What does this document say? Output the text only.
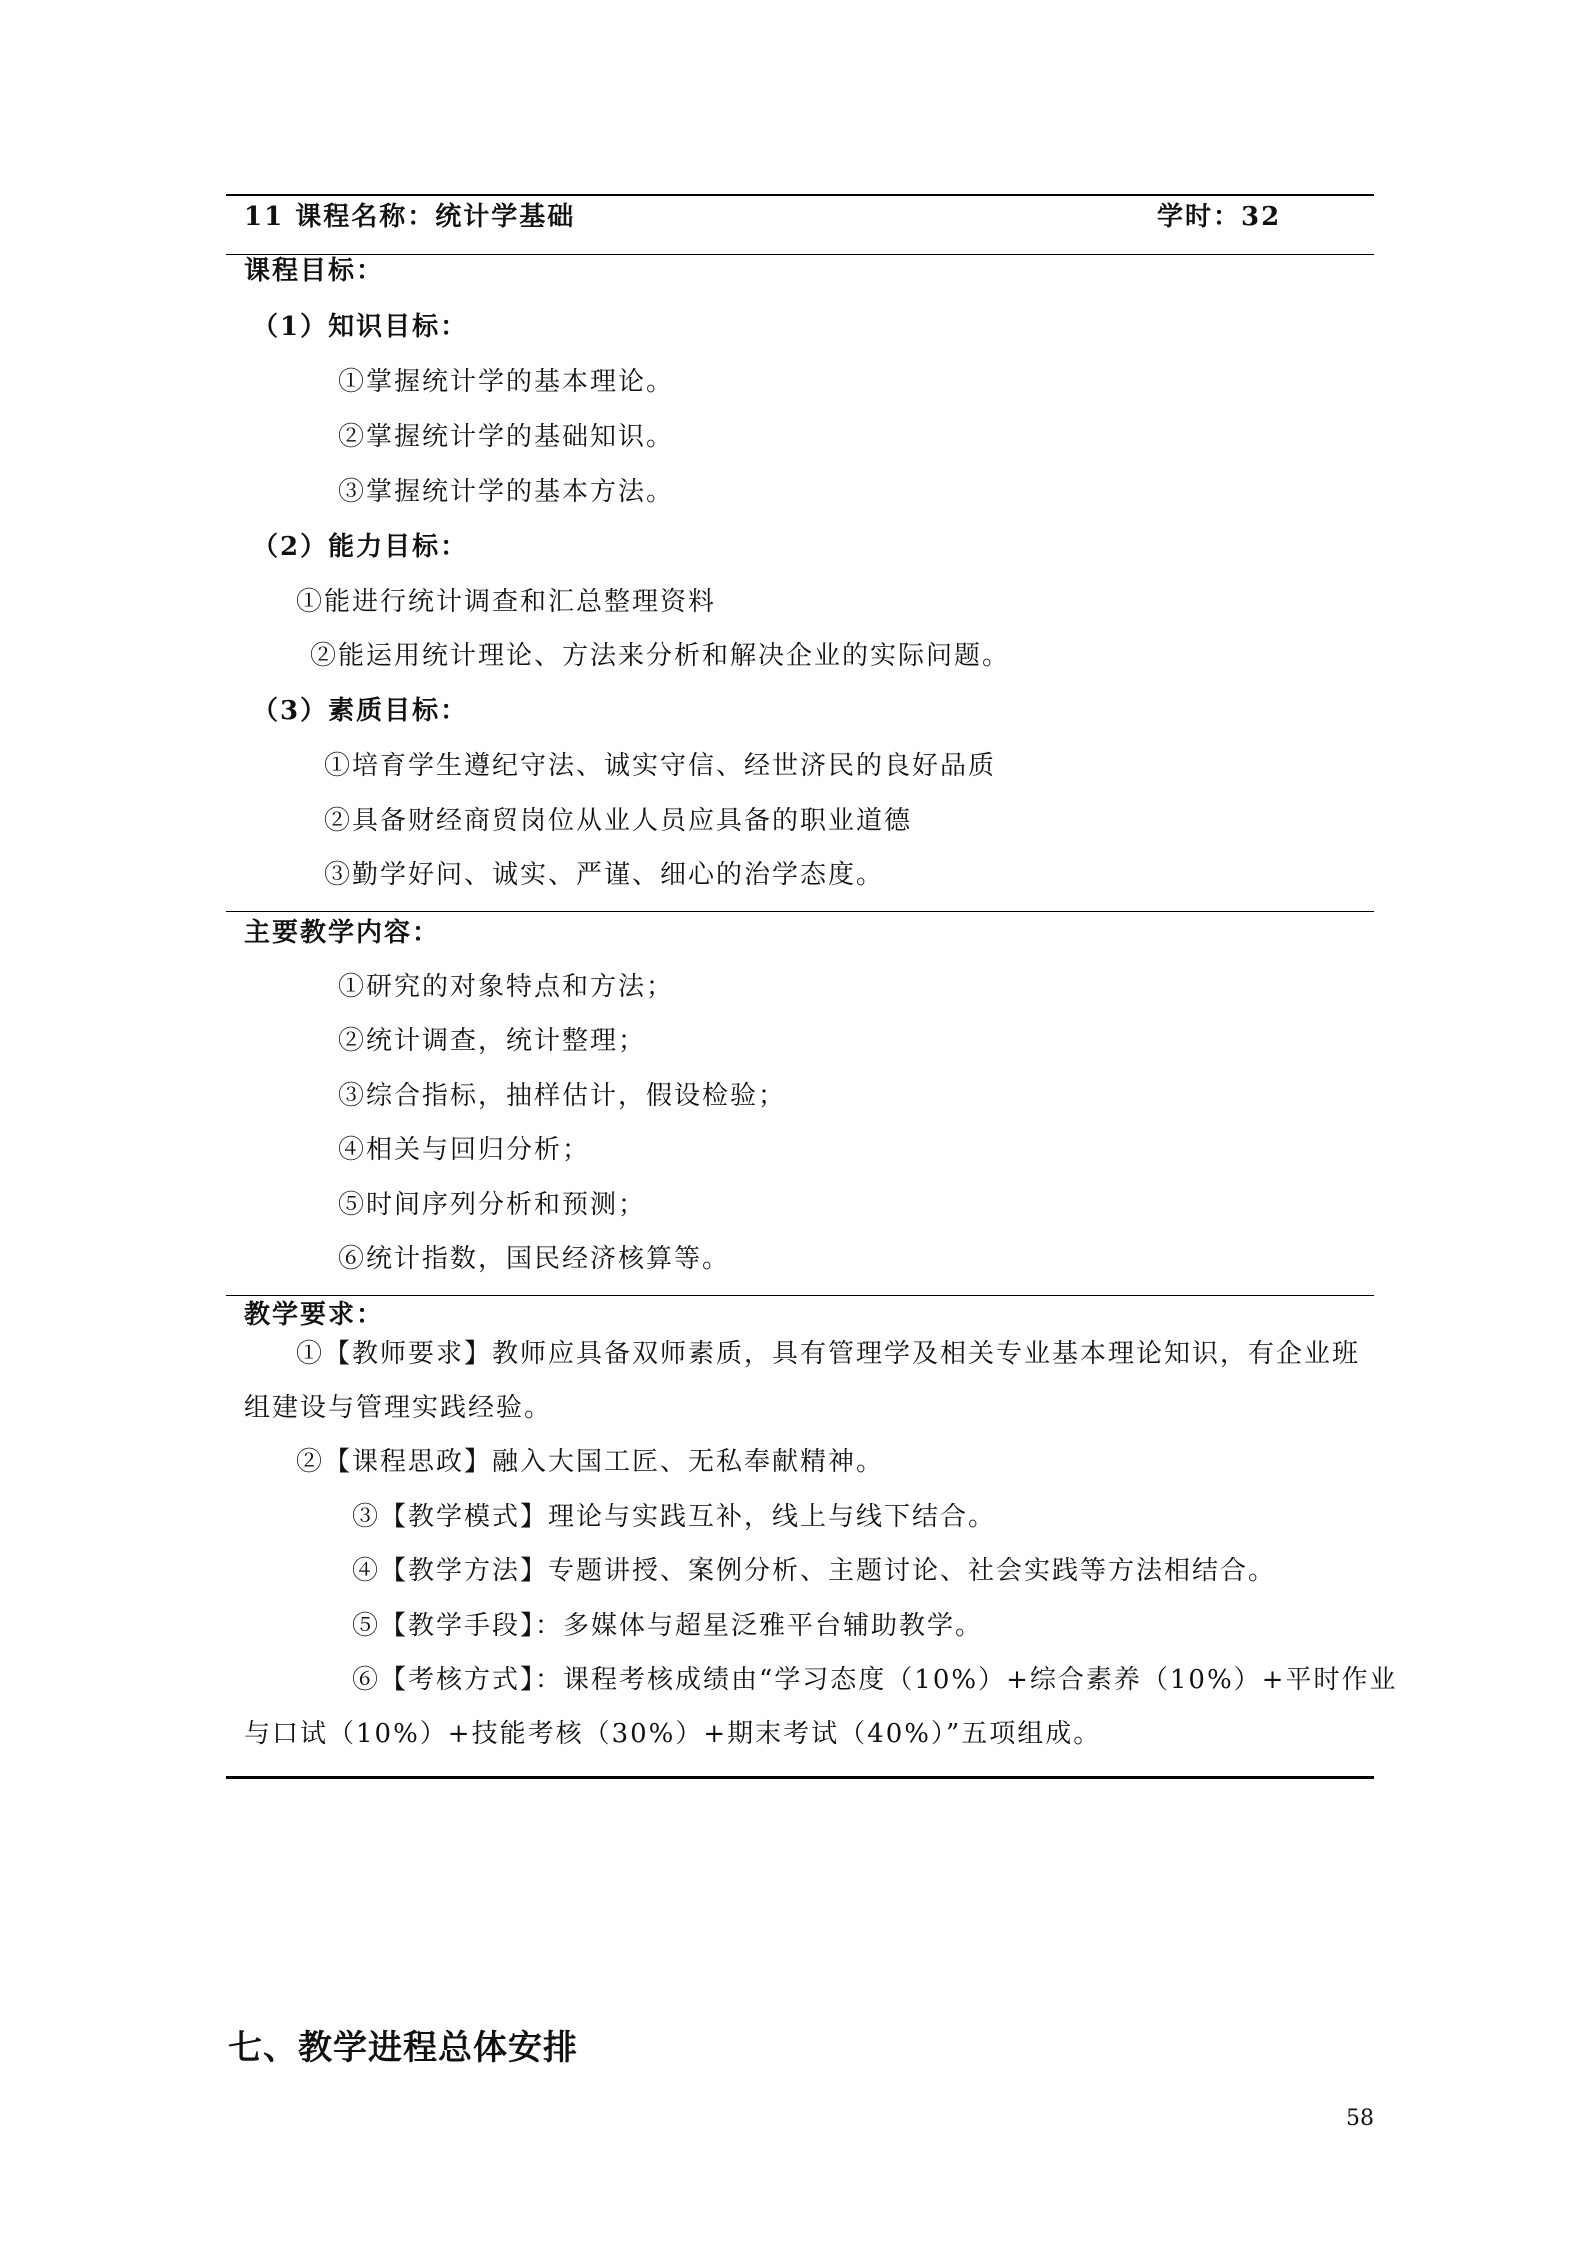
11 课程名称：统计学基础	学时：32
课程目标：
（1）知识目标：
①掌握统计学的基本理论。
②掌握统计学的基础知识。
③掌握统计学的基本方法。
（2）能力目标：
①能进行统计调查和汇总整理资料
②能运用统计理论、方法来分析和解决企业的实际问题。
（3）素质目标：
①培育学生遵纪守法、诚实守信、经世济民的良好品质
②具备财经商贸岗位从业人员应具备的职业道德
③勤学好问、诚实、严谨、细心的治学态度。
主要教学内容：
①研究的对象特点和方法；
②统计调查，统计整理；
③综合指标，抽样估计，假设检验；
④相关与回归分析；
⑤时间序列分析和预测；
⑥统计指数，国民经济核算等。
教学要求：
①【教师要求】教师应具备双师素质，具有管理学及相关专业基本理论知识，有企业班
组建设与管理实践经验。
②【课程思政】融入大国工匠、无私奉献精神。
③【教学模式】理论与实践互补，线上与线下结合。
④【教学方法】专题讲授、案例分析、主题讨论、社会实践等方法相结合。
⑤【教学手段】：多媒体与超星泛雅平台辅助教学。
⑥【考核方式】：课程考核成绩由“学习态度（10%）+综合素养（10%）+平时作业
与口试（10%）+技能考核（30%）+期末考试（40%）”五项组成。
七、教学进程总体安排
58
